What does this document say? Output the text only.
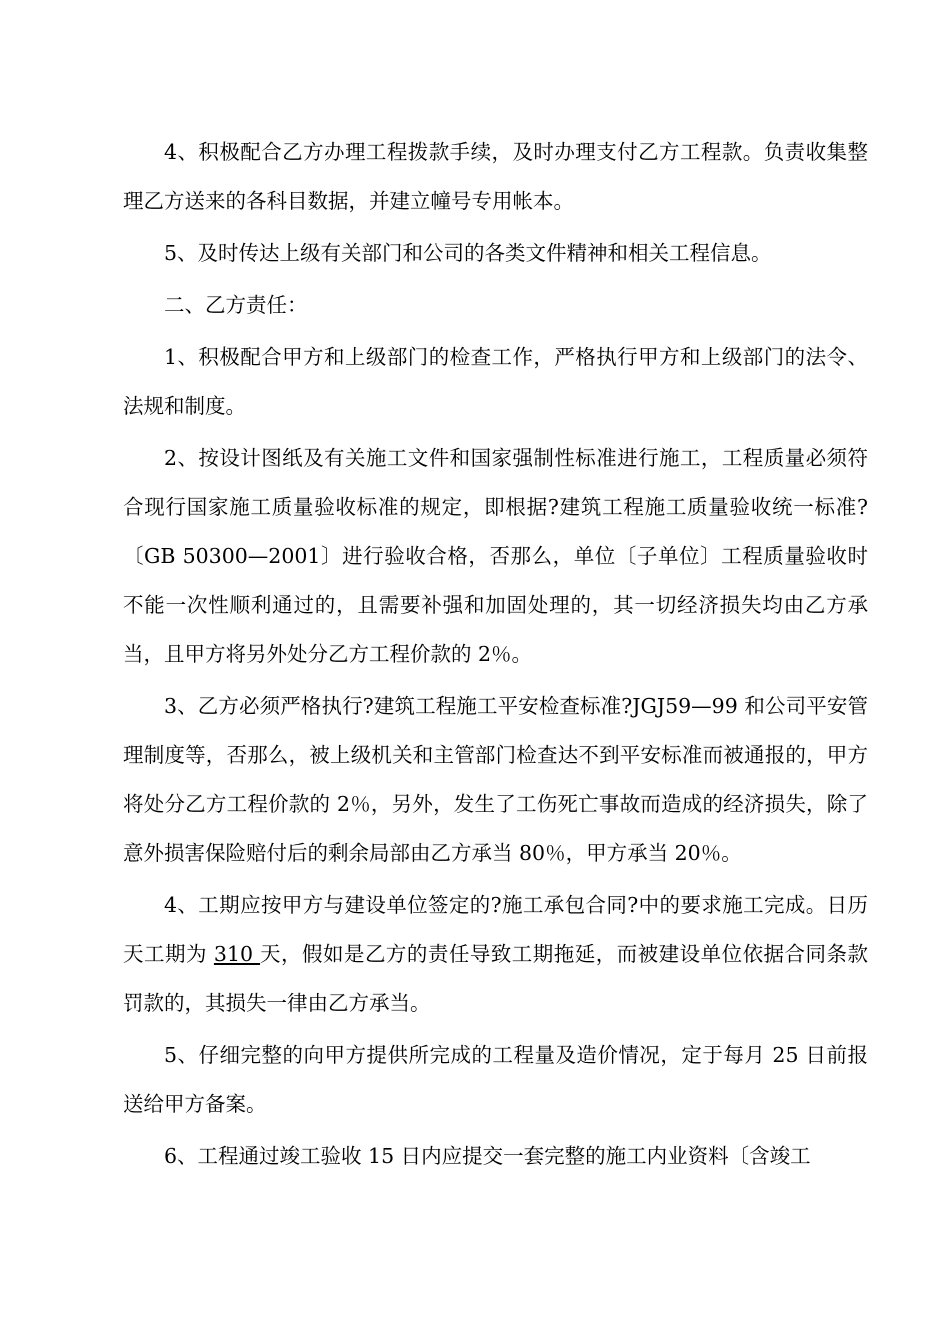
4、积极配合乙方办理工程拨款手续，及时办理支付乙方工程款。负责收集整理乙方送来的各科目数据，并建立幢号专用帐本。

5、及时传达上级有关部门和公司的各类文件精神和相关工程信息。

二、乙方责任：

1、积极配合甲方和上级部门的检查工作，严格执行甲方和上级部门的法令、法规和制度。

2、按设计图纸及有关施工文件和国家强制性标准进行施工，工程质量必须符合现行国家施工质量验收标准的规定，即根据?建筑工程施工质量验收统一标准?〔GB 50300—2001〕进行验收合格，否那么，单位〔子单位〕工程质量验收时不能一次性顺利通过的，且需要补强和加固处理的，其一切经济损失均由乙方承当，且甲方将另外处分乙方工程价款的 2％。

3、乙方必须严格执行?建筑工程施工平安检查标准?JGJ59—99 和公司平安管理制度等，否那么，被上级机关和主管部门检查达不到平安标准而被通报的，甲方将处分乙方工程价款的 2％，另外，发生了工伤死亡事故而造成的经济损失，除了意外损害保险赔付后的剩余局部由乙方承当 80％，甲方承当 20％。

4、工期应按甲方与建设单位签定的?施工承包合同?中的要求施工完成。日历天工期为 310 天，假如是乙方的责任导致工期拖延，而被建设单位依据合同条款罚款的，其损失一律由乙方承当。

5、仔细完整的向甲方提供所完成的工程量及造价情况，定于每月 25 日前报送给甲方备案。

6、工程通过竣工验收 15 日内应提交一套完整的施工内业资料〔含竣工
